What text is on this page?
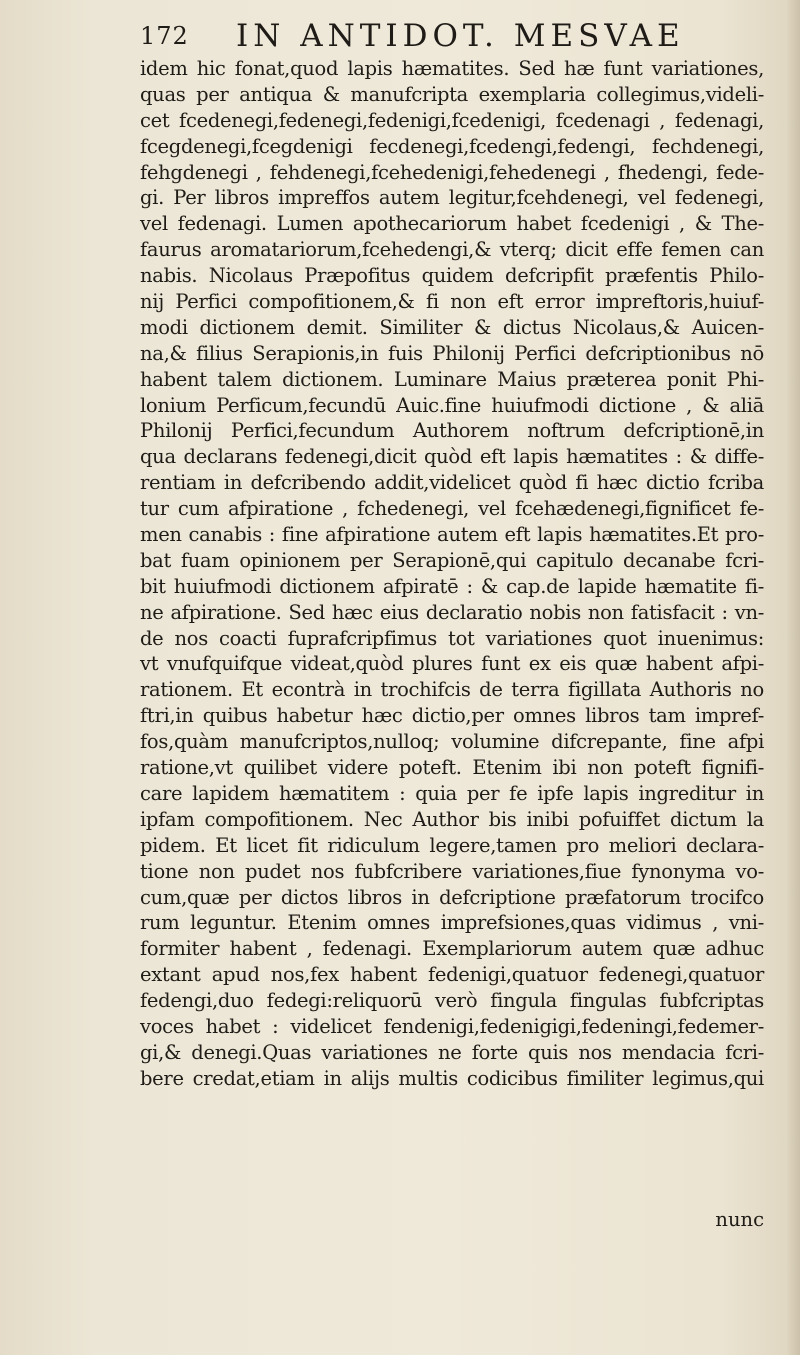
172 IN ANTIDOT. MESVAE
idem hic fonat,quod lapis hæmatites. Sed hæ funt variationes,
quas per antiqua & manufcripta exemplaria collegimus,videli-
cet fcedenegi,fedenegi,fedenigi,fcedenigi, fcedenagi , fedenagi,
fcegdenegi,fcegdenigi fecdenegi,fcedengi,fedengi, fechdenegi,
fehgdenegi , fehdenegi,fcehedenigi,fehedenegi , fhedengi, fede-
gi. Per libros impreffos autem legitur,fcehdenegi, vel fedenegi,
vel fedenagi. Lumen apothecariorum habet fcedenigi , & The-
faurus aromatariorum,fcehedengi,& vterq; dicit effe femen can
nabis. Nicolaus Præpofitus quidem defcripfit præfentis Philo-
nij Perfici compofitionem,& fi non eft error impreftoris,huiuf-
modi dictionem demit. Similiter & dictus Nicolaus,& Auicen-
na,& filius Serapionis,in fuis Philonij Perfici defcriptionibus nō
habent talem dictionem. Luminare Maius præterea ponit Phi-
lonium Perficum,fecundū Auic.fine huiufmodi dictione , & aliā
Philonij Perfici,fecundum Authorem noftrum defcriptionē,in
qua declarans fedenegi,dicit quòd eft lapis hæmatites : & diffe-
rentiam in defcribendo addit,videlicet quòd fi hæc dictio fcriba
tur cum afpiratione , fchedenegi, vel fcehædenegi,fignificet fe-
men canabis : fine afpiratione autem eft lapis hæmatites.Et pro-
bat fuam opinionem per Serapionē,qui capitulo decanabe fcri-
bit huiufmodi dictionem afpiratē : & cap.de lapide hæmatite fi-
ne afpiratione. Sed hæc eius declaratio nobis non fatisfacit : vn-
de nos coacti fuprafcripfimus tot variationes quot inuenimus:
vt vnufquifque videat,quòd plures funt ex eis quæ habent afpi-
rationem. Et econtrà in trochifcis de terra figillata Authoris no
ftri,in quibus habetur hæc dictio,per omnes libros tam impref-
fos,quàm manufcriptos,nulloq; volumine difcrepante, fine afpi
ratione,vt quilibet videre poteft. Etenim ibi non poteft fignifi-
care lapidem hæmatitem : quia per fe ipfe lapis ingreditur in
ipfam compofitionem. Nec Author bis inibi pofuiffet dictum la
pidem. Et licet fit ridiculum legere,tamen pro meliori declara-
tione non pudet nos fubfcribere variationes,fiue fynonyma vo-
cum,quæ per dictos libros in defcriptione præfatorum trocifco
rum leguntur. Etenim omnes imprefsiones,quas vidimus , vni-
formiter habent , fedenagi. Exemplariorum autem quæ adhuc
extant apud nos,fex habent fedenigi,quatuor fedenegi,quatuor
fedengi,duo fedegi:reliquorū verò fingula fingulas fubfcriptas
voces habet : videlicet fendenigi,fedenigigi,fedeningi,fedemer-
gi,& denegi.Quas variationes ne forte quis nos mendacia fcri-
bere credat,etiam in alijs multis codicibus fimiliter legimus,qui
nunc
